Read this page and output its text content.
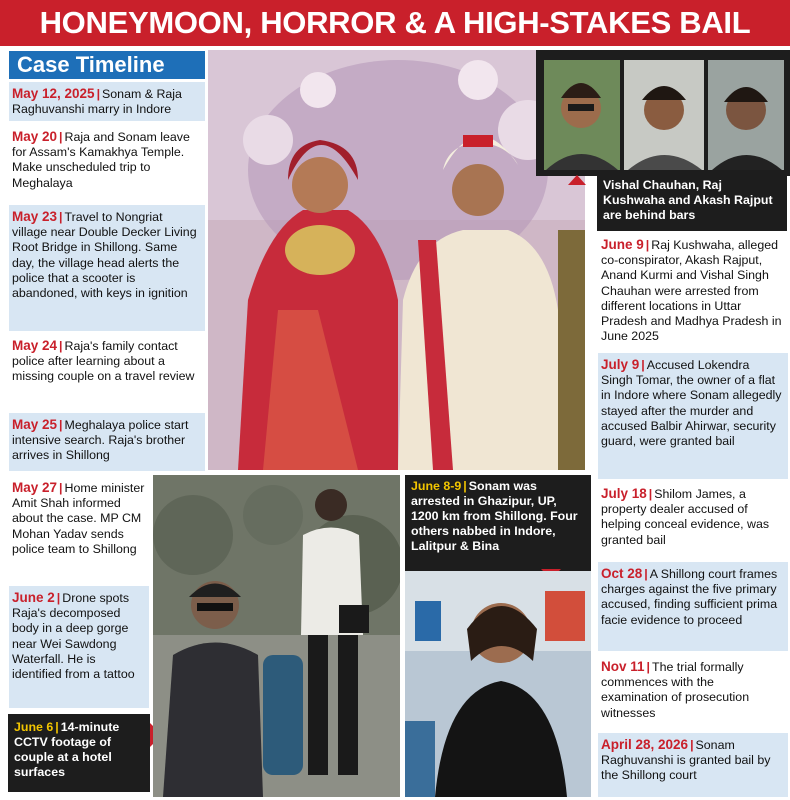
HONEYMOON, HORROR & A HIGH-STAKES BAIL
Case Timeline
May 12, 2025 | Sonam & Raja Raghuvanshi marry in Indore
May 20 | Raja and Sonam leave for Assam's Kamakhya Temple. Make unscheduled trip to Meghalaya
May 23 | Travel to Nongriat village near Double Decker Living Root Bridge in Shillong. Same day, the village head alerts the police that a scooter is abandoned, with keys in ignition
May 24 | Raja's family contact police after learning about a missing couple on a travel review
May 25 | Meghalaya police start intensive search. Raja's brother arrives in Shillong
May 27 | Home minister Amit Shah informed about the case. MP CM Mohan Yadav sends police team to Shillong
June 2 | Drone spots Raja's decomposed body in a deep gorge near Wei Sawdong Waterfall. He is identified from a tattoo
June 6 | 14-minute CCTV footage of couple at a hotel surfaces
Vishal Chauhan, Raj Kushwaha and Akash Rajput are behind bars
June 9 | Raj Kushwaha, alleged co-conspirator, Akash Rajput, Anand Kurmi and Vishal Singh Chauhan were arrested from different locations in Uttar Pradesh and Madhya Pradesh in June 2025
July 9 | Accused Lokendra Singh Tomar, the owner of a flat in Indore where Sonam allegedly stayed after the murder and accused Balbir Ahirwar, security guard, were granted bail
July 18 | Shilom James, a property dealer accused of helping conceal evidence, was granted bail
Oct 28 | A Shillong court frames charges against the five primary accused, finding sufficient prima facie evidence to proceed
Nov 11 | The trial formally commences with the examination of prosecution witnesses
April 28, 2026 | Sonam Raghuvanshi is granted bail by the Shillong court
June 8-9 | Sonam was arrested in Ghazipur, UP, 1200 km from Shillong. Four others nabbed in Indore, Lalitpur & Bina
